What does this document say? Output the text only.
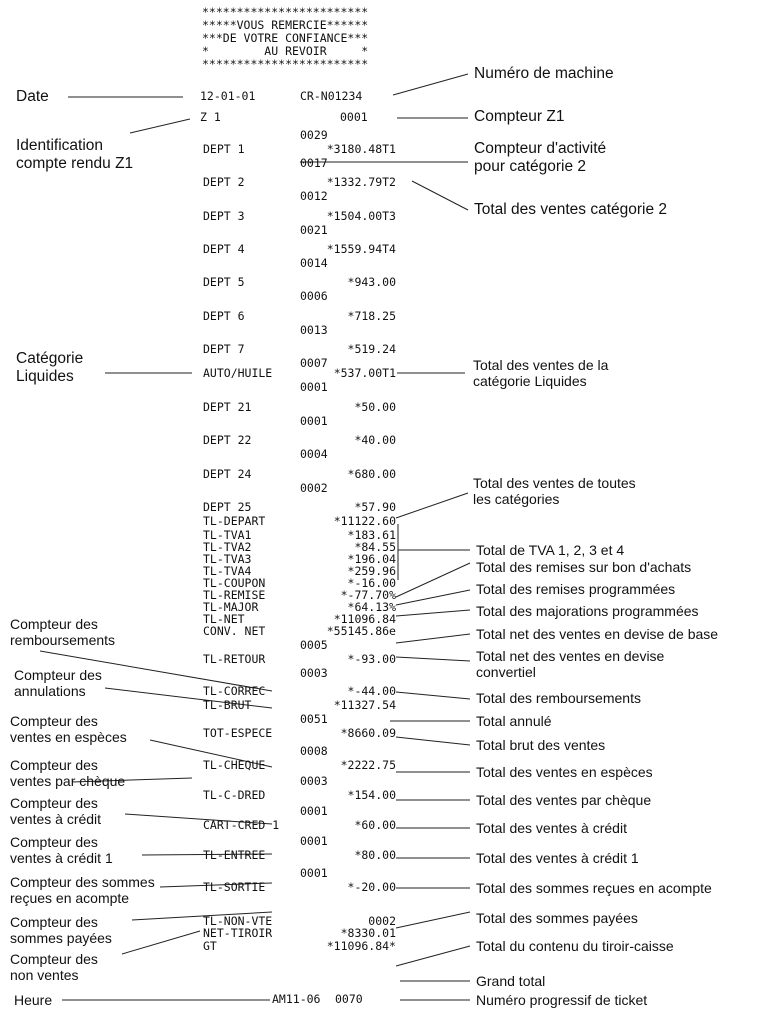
************************
*****VOUS REMERCIE******
***DE VOTRE CONFIANCE***
*        AU REVOIR     *
************************
12-01-01	CR-N01234
Z 1	0001
0029
DEPT 1	*3180.48T1
0017
DEPT 2	*1332.79T2
0012
DEPT 3	*1504.00T3
0021
DEPT 4	*1559.94T4
0014
DEPT 5	*943.00
0006
DEPT 6	*718.25
0013
DEPT 7	*519.24
0007
AUTO/HUILE	*537.00T1
0001
DEPT 21	*50.00
0001
DEPT 22	*40.00
0004
DEPT 24	*680.00
0002
DEPT 25	*57.90
TL-DEPART	*11122.60
TL-TVA1	*183.61
TL-TVA2	*84.55
TL-TVA3	*196.04
TL-TVA4	*259.96
TL-COUPON	*-16.00
TL-REMISE	*-77.70%
TL-MAJOR	*64.13%
TL-NET	*11096.84
CONV. NET	*55145.86e
0005
TL-RETOUR	*-93.00
0003
TL-CORREC	*-44.00
TL-BRUT	*11327.54
0051
TOT-ESPECE	*8660.09
0008
TL-CHEQUE	*2222.75
0003
TL-C-DRED	*154.00
0001
CART-CRED 1	*60.00
0001
TL-ENTREE	*80.00
0001
TL-SORTIE	*-20.00
TL-NON-VTE	0002
NET-TIROIR	*8330.01
GT	*11096.84*
AM11-06 0070
Date
Identification
compte rendu Z1
Catégorie
Liquides
Compteur des
remboursements
Compteur des
annulations
Compteur des
ventes en espèces
Compteur des
ventes par chèque
Compteur des
ventes à crédit
Compteur des
ventes à crédit 1
Compteur des sommes
reçues en acompte
Compteur des
sommes payées
Compteur des
non ventes
Heure
Numéro de machine
Compteur Z1
Compteur d'activité
pour catégorie 2
Total des ventes catégorie 2
Total des ventes de la
catégorie Liquides
Total des ventes de toutes
les catégories
Total de TVA 1, 2, 3 et 4
Total des remises sur bon d'achats
Total des remises programmées
Total des majorations programmées
Total net des ventes en devise de base
Total net des ventes en devise
convertiel
Total des remboursements
Total annulé
Total brut des ventes
Total des ventes en espèces
Total des ventes par chèque
Total des ventes à crédit
Total des ventes à crédit 1
Total des sommes reçues en acompte
Total des sommes payées
Total du contenu du tiroir-caisse
Grand total
Numéro progressif de ticket
